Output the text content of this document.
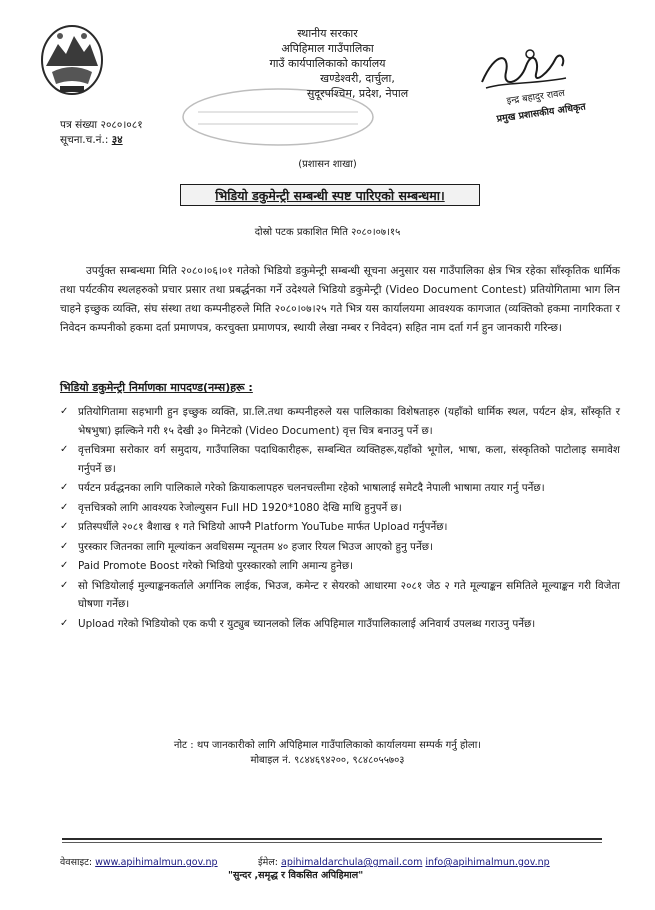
स्थानीय सरकार
अपिहिमाल गाउँपालिका
गाउँ कार्यपालिकाको कार्यालय
खण्डेश्वरी, दार्चुला,
सुदूरपश्चिम, प्रदेश, नेपाल	इन्द्र बहादुर रावल
प्रमुख प्रशासकीय अधिकृत
पत्र संख्या २०८०।०८१
सूचना.च.नं.: ३४
(प्रशासन शाखा)
भिडियो डकुमेन्ट्री सम्बन्धी स्पष्ट पारिएको सम्बन्धमा।
दोस्रो पटक प्रकाशित मिति २०८०।०७।१५
उपर्युक्त सम्बन्धमा मिति २०८०।०६।०१ गतेको भिडियो डकुमेन्ट्री सम्बन्धी सूचना अनुसार यस गाउँपालिका क्षेत्र भित्र रहेका साँस्कृतिक धार्मिक तथा पर्यटकीय स्थलहरुको प्रचार प्रसार तथा प्रबर्द्धनका गर्ने उदेश्यले भिडियो डकुमेन्ट्री (Video Document Contest) प्रतियोगितामा भाग लिन चाहने इच्छुक व्यक्ति, संघ संस्था तथा कम्पनीहरुले मिति २०८०।०७।२५ गते भित्र यस कार्यालयमा आवश्यक कागजात (व्यक्तिको हकमा नागरिकता र निवेदन कम्पनीको हकमा दर्ता प्रमाणपत्र, करचुक्ता प्रमाणपत्र, स्थायी लेखा नम्बर र निवेदन) सहित नाम दर्ता गर्न हुन जानकारी गरिन्छ।
भिडियो डकुमेन्ट्री निर्माणका मापदण्ड(नम्स)हरू :
✓ प्रतियोगितामा सहभागी हुन इच्छुक व्यक्ति, प्रा.लि.तथा कम्पनीहरुले यस पालिकाका विशेषताहरु (यहाँको धार्मिक स्थल, पर्यटन क्षेत्र, साँस्कृति र भेषभुषा) झल्किने गरी १५ देखी ३० मिनेटको (Video Document) वृत्त चित्र बनाउनु पर्ने छ।
✓ वृत्तचित्रमा सरोकार वर्ग समुदाय, गाउँपालिका पदाधिकारीहरू, सम्बन्धित व्यक्तिहरू,यहाँको भूगोल, भाषा, कला, संस्कृतिको पाटोलाइ समावेश गर्नुपर्ने छ।
✓ पर्यटन प्रर्वद्धनका लागि पालिकाले गरेको क्रियाकलापहरु चलनचल्तीमा रहेको भाषालाई समेटदै नेपाली भाषामा तयार गर्नु पर्नेछ।
✓ वृत्तचित्रको लागि आवश्यक रेजोल्युसन Full HD 1920*1080 देखि माथि हुनुपर्ने छ।
✓ प्रतिस्पर्धीले २०८१ बैशाख १ गते भिडियो आफ्नै Platform YouTube मार्फत Upload गर्नुपर्नेछ।
✓ पुरस्कार जितनका लागि मूल्यांकन अवधिसम्म न्यूनतम ४० हजार रियल भिउज आएको हुनु पर्नेछ।
✓ Paid Promote Boost गरेको भिडियो पुरस्कारको लागि अमान्य हुनेछ।
✓ सो भिडियोलाई मुल्याङ्कनकर्ताले अर्गानिक लाईक, भिउज, कमेन्ट र सेयरको आधारमा २०८१ जेठ २ गते मूल्याङ्कन समितिले मूल्याङ्कन गरी विजेता घोषणा गर्नेछ।
✓ Upload गरेको भिडियोको एक कपी र युट्युब च्यानलको लिंक अपिहिमाल गाउँपालिकालाई अनिवार्य उपलब्ध गराउनु पर्नेछ।
नोट : थप जानकारीको लागि अपिहिमाल गाउँपालिकाको कार्यालयमा सम्पर्क गर्नु होला।
मोबाइल नं. ९८४४६९४२००, ९८४८०५५७०३
वेवसाइट: www.apihimalmun.gov.np	ईमेल: apihimaldarchula@gmail.com info@apihimalmun.gov.np
"सुन्दर ,समृद्ध र विकसित अपिहिमाल"
